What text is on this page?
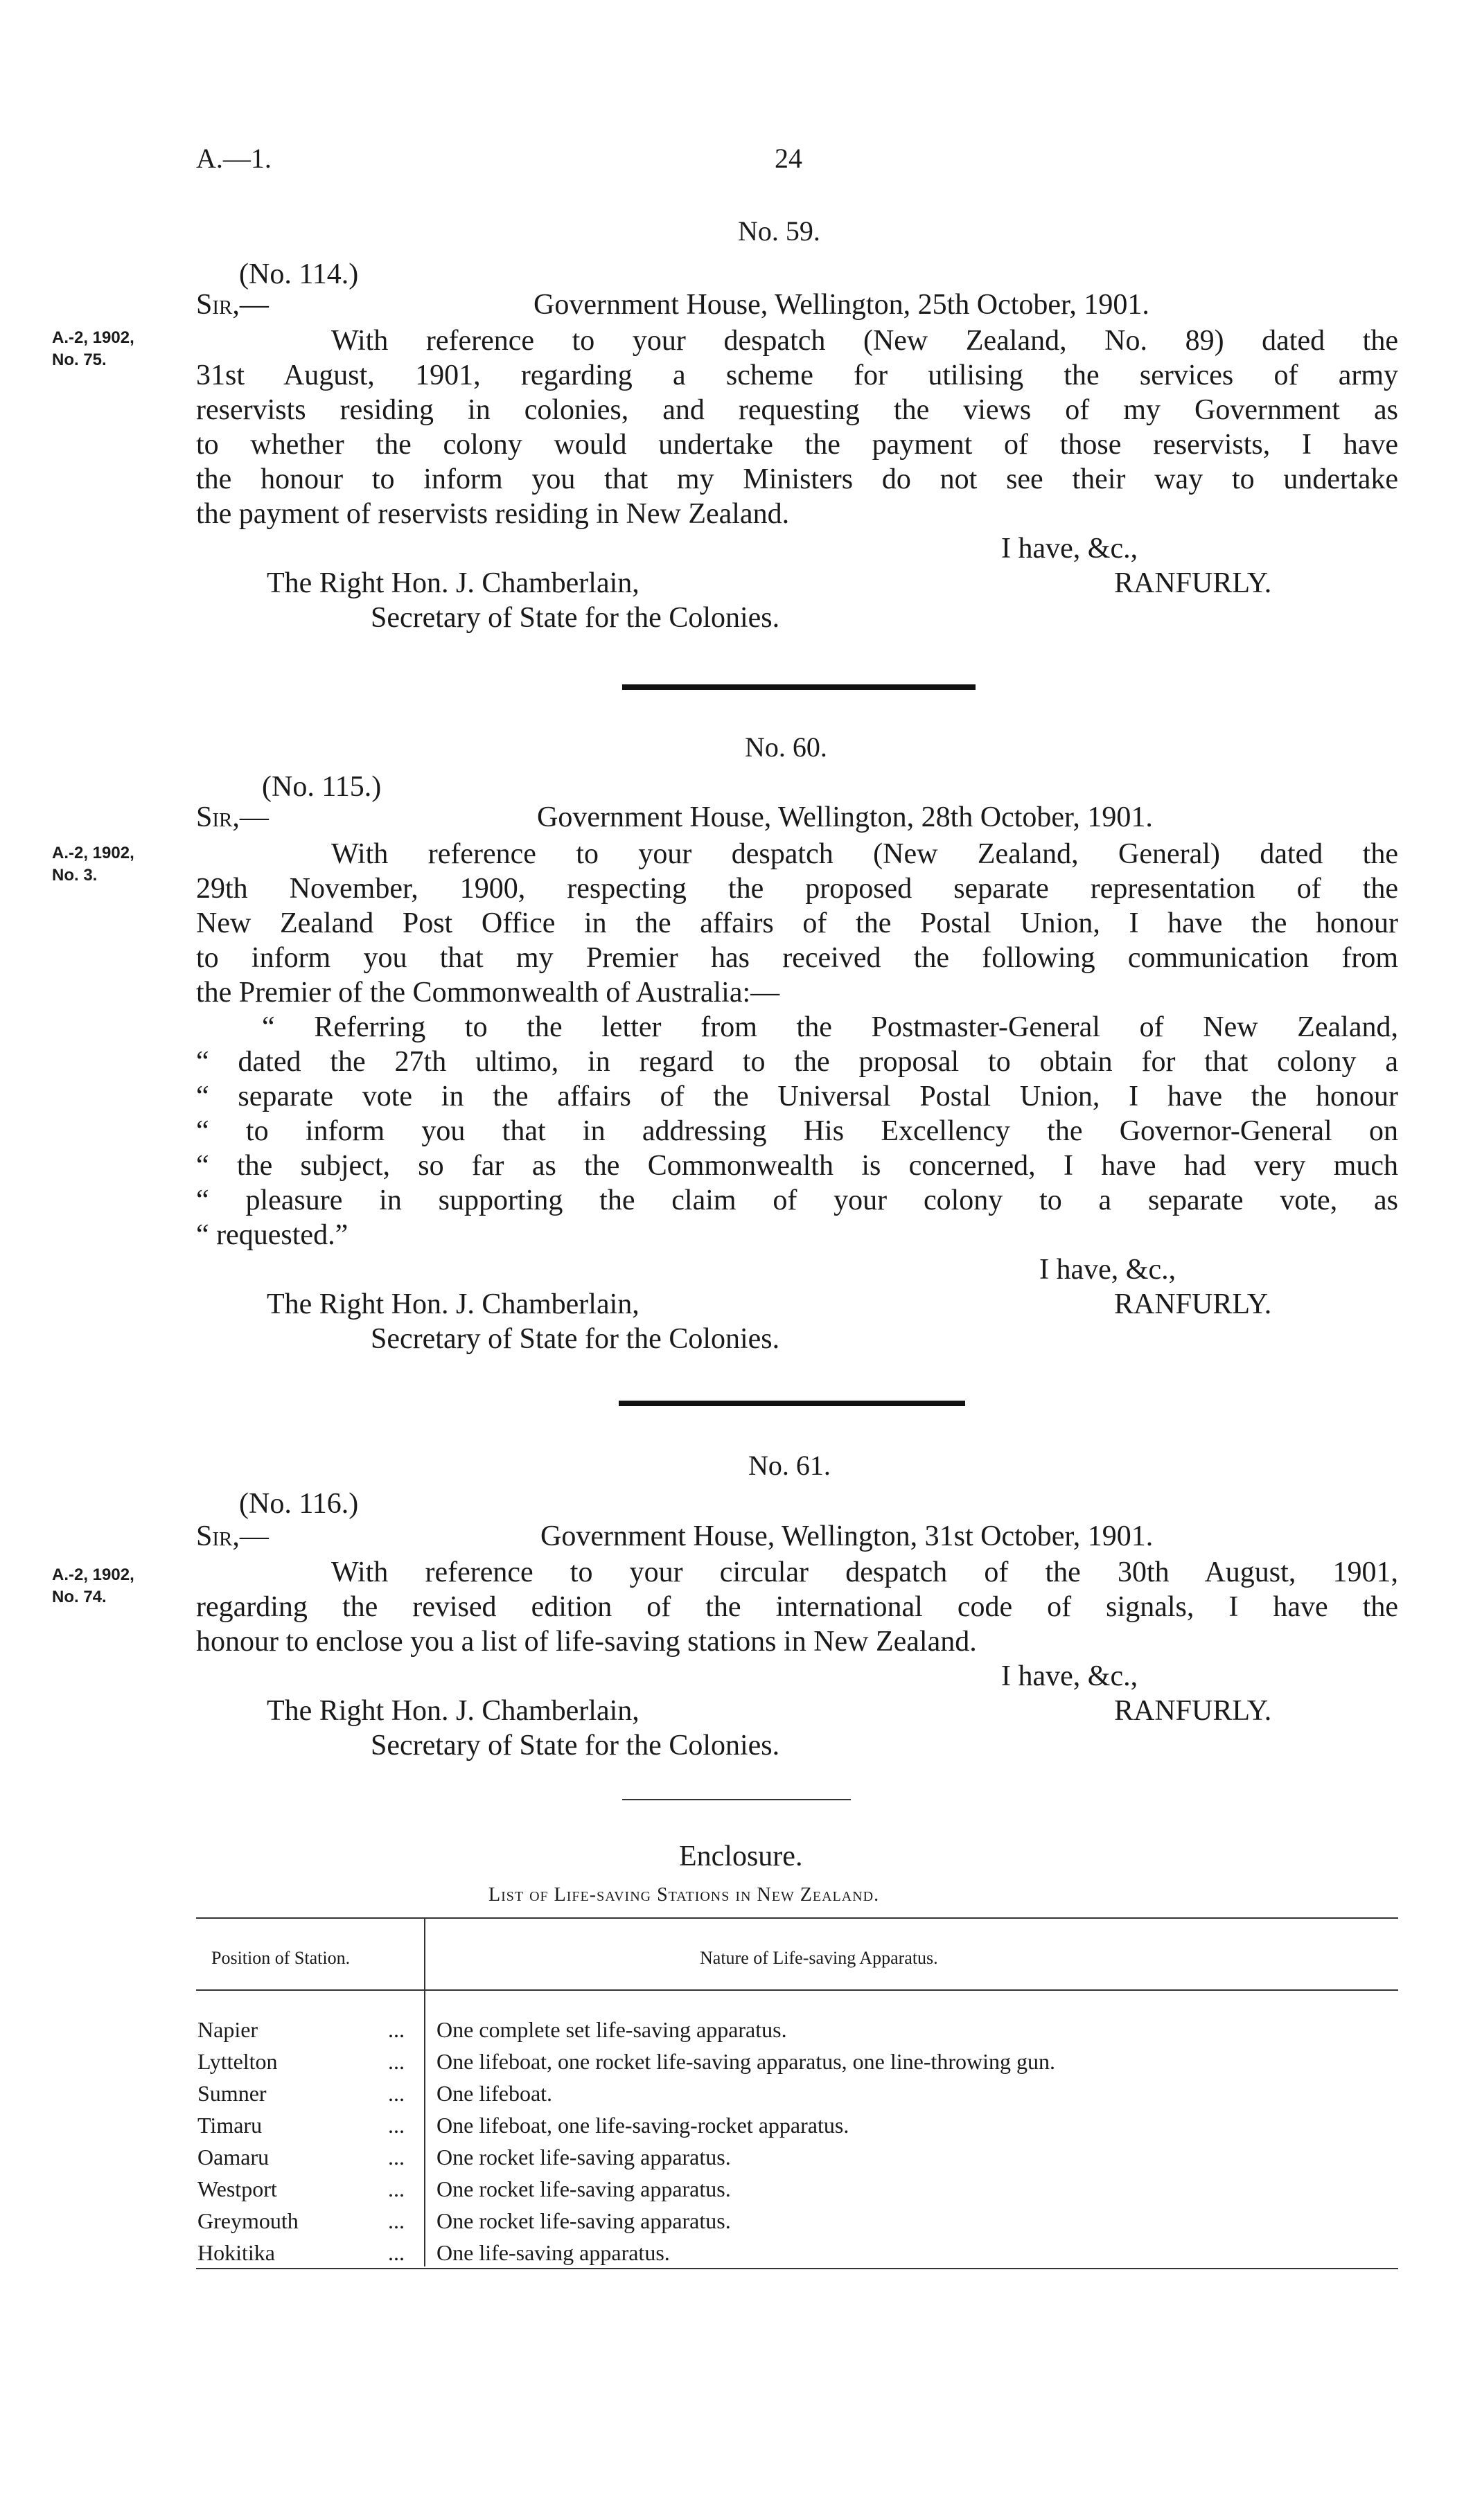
A.—1.	24
No. 59.
(No. 114.)
Sir,—	Government House, Wellington, 25th October, 1901.
A.-2, 1902,
No. 75.
With reference to your despatch (New Zealand, No. 89) dated the
31st August, 1901, regarding a scheme for utilising the services of army
reservists residing in colonies, and requesting the views of my Government as
to whether the colony would undertake the payment of those reservists, I have
the honour to inform you that my Ministers do not see their way to undertake
the payment of reservists residing in New Zealand.
I have, &c.,
The Right Hon. J. Chamberlain,	RANFURLY.
Secretary of State for the Colonies.
No. 60.
(No. 115.)
Sir,—	Government House, Wellington, 28th October, 1901.
A.-2, 1902,
No. 3.
With reference to your despatch (New Zealand, General) dated the
29th November, 1900, respecting the proposed separate representation of the
New Zealand Post Office in the affairs of the Postal Union, I have the honour
to inform you that my Premier has received the following communication from
the Premier of the Commonwealth of Australia:—
“ Referring to the letter from the Postmaster-General of New Zealand,
“ dated the 27th ultimo, in regard to the proposal to obtain for that colony a
“ separate vote in the affairs of the Universal Postal Union, I have the honour
“ to inform you that in addressing His Excellency the Governor-General on
“ the subject, so far as the Commonwealth is concerned, I have had very much
“ pleasure in supporting the claim of your colony to a separate vote, as
“ requested.”
I have, &c.,
The Right Hon. J. Chamberlain,	RANFURLY.
Secretary of State for the Colonies.
No. 61.
(No. 116.)
Sir,—	Government House, Wellington, 31st October, 1901.
A.-2, 1902,
No. 74.
With reference to your circular despatch of the 30th August, 1901,
regarding the revised edition of the international code of signals, I have the
honour to enclose you a list of life-saving stations in New Zealand.
I have, &c.,
The Right Hon. J. Chamberlain,	RANFURLY.
Secretary of State for the Colonies.
Enclosure.
List of Life-saving Stations in New Zealand.
Position of Station.	Nature of Life-saving Apparatus.
Napier	... One complete set life-saving apparatus.
Lyttelton	... One lifeboat, one rocket life-saving apparatus, one line-throwing gun.
Sumner	... One lifeboat.
Timaru	... One lifeboat, one life-saving-rocket apparatus.
Oamaru	... One rocket life-saving apparatus.
Westport	... One rocket life-saving apparatus.
Greymouth	... One rocket life-saving apparatus.
Hokitika	... One life-saving apparatus.
